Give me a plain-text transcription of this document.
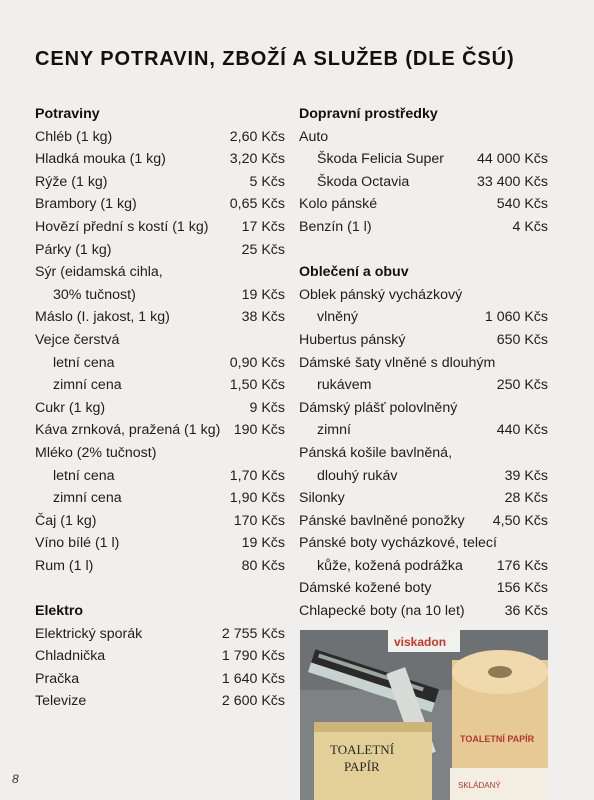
CENY POTRAVIN, ZBOŽÍ A SLUŽEB (DLE ČSÚ)
Potraviny
Chléb (1 kg)	2,60 Kčs
Hladká mouka (1 kg)	3,20 Kčs
Rýže (1 kg)	5 Kčs
Brambory (1 kg)	0,65 Kčs
Hovězí přední s kostí (1 kg) 17 Kčs
Párky (1 kg)	25 Kčs
Sýr (eidamská cihla,
30% tučnost)	19 Kčs
Máslo (I. jakost, 1 kg)	38 Kčs
Vejce čerstvá
letní cena	0,90 Kčs
zimní cena	1,50 Kčs
Cukr (1 kg)	9 Kčs
Káva zrnková, pražená (1 kg) 190 Kčs
Mléko (2% tučnost)
letní cena	1,70 Kčs
zimní cena	1,90 Kčs
Čaj (1 kg)	170 Kčs
Víno bílé (1 l)	19 Kčs
Rum (1 l)	80 Kčs
Elektro
Elektrický sporák	2 755 Kčs
Chladnička	1 790 Kčs
Pračka	1 640 Kčs
Televize	2 600 Kčs
Dopravní prostředky
Auto
Škoda Felicia Super 44 000 Kčs
Škoda Octavia	33 400 Kčs
Kolo pánské	540 Kčs
Benzín (1 l)	4 Kčs
Oblečení a obuv
Oblek pánský vycházkový
vlněný	1 060 Kčs
Hubertus pánský	650 Kčs
Dámské šaty vlněné s dlouhým
rukávem	250 Kčs
Dámský plášť polovlněný
zimní	440 Kčs
Pánská košile bavlněná,
dlouhý rukáv	39 Kčs
Silonky	28 Kčs
Pánské bavlněné ponožky 4,50 Kčs
Pánské boty vycházkové, telecí
kůže, kožená podrážka 176 Kčs
Dámské kožené boty	156 Kčs
Chlapecké boty (na 10 let)	36 Kčs
TOALETNÍ
PAPÍR
TOALETNÍ PAPÍR
viskadon
SKLÁDANÝ
8
